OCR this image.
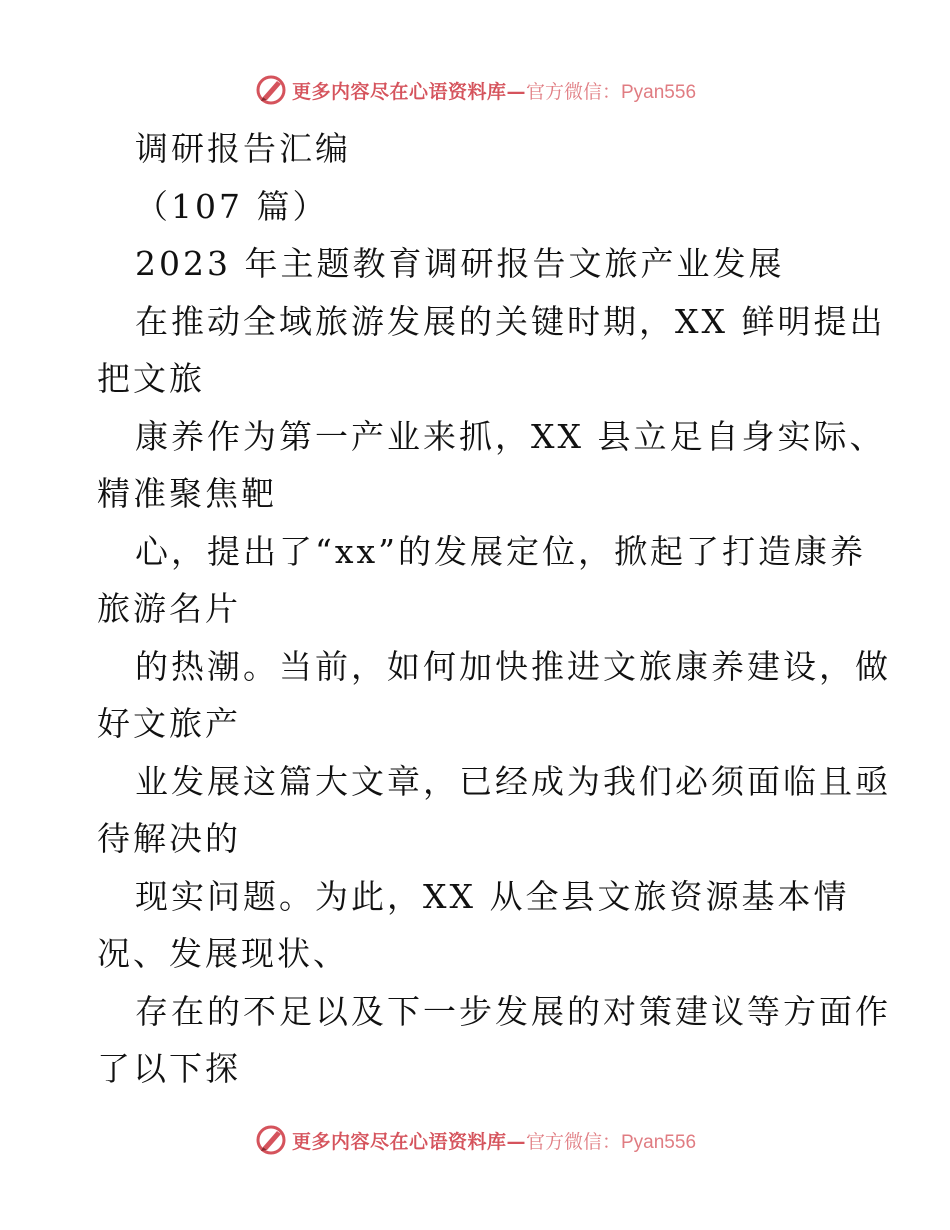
更多内容尽在心语资料库— 官方微信：Pyan556
调研报告汇编
（107 篇）
2023 年主题教育调研报告文旅产业发展
在推动全域旅游发展的关键时期，XX 鲜明提出
把文旅
康养作为第一产业来抓，XX 县立足自身实际、
精准聚焦靶
心，提出了“xx”的发展定位，掀起了打造康养
旅游名片
的热潮。当前，如何加快推进文旅康养建设，做
好文旅产
业发展这篇大文章，已经成为我们必须面临且亟
待解决的
现实问题。为此，XX 从全县文旅资源基本情
况、发展现状、
存在的不足以及下一步发展的对策建议等方面作
了以下探
更多内容尽在心语资料库— 官方微信：Pyan556
